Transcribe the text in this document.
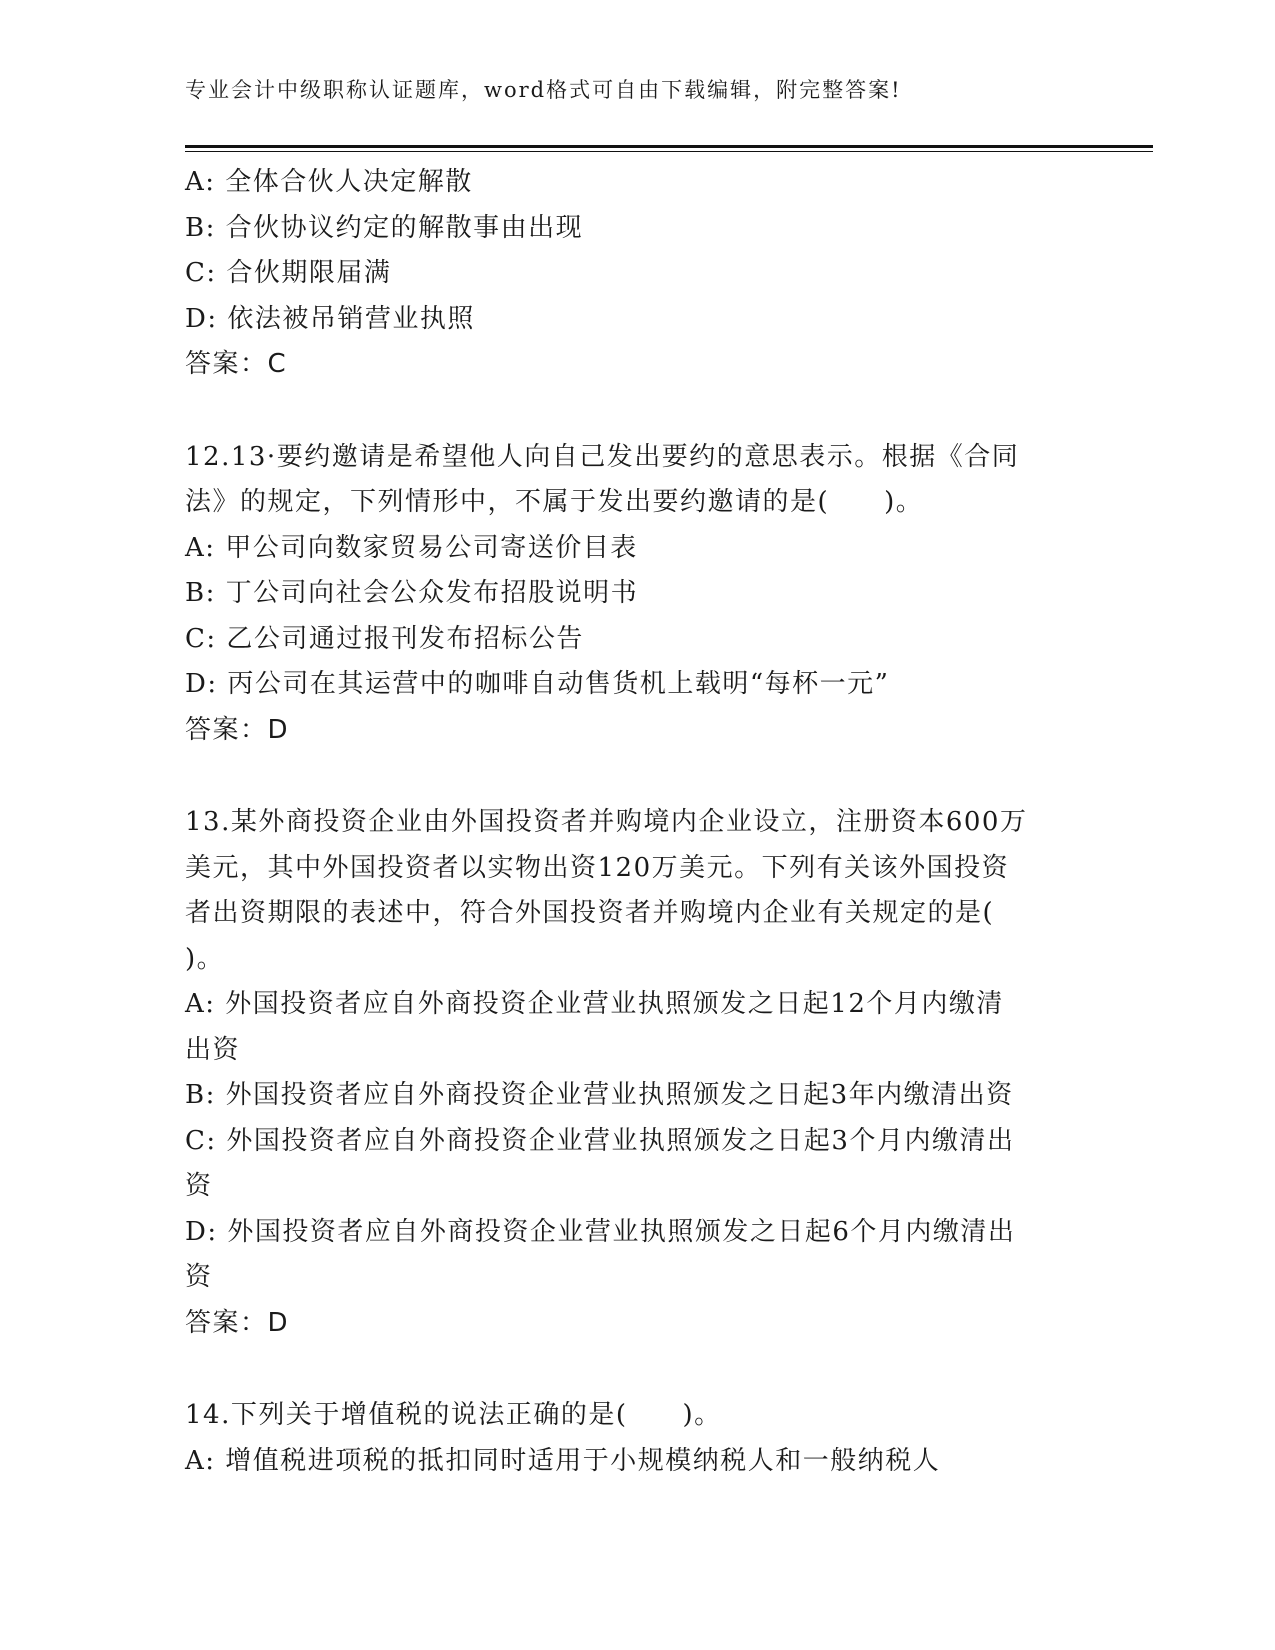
专业会计中级职称认证题库，word格式可自由下载编辑，附完整答案!
A: 全体合伙人决定解散
B: 合伙协议约定的解散事由出现
C: 合伙期限届满
D: 依法被吊销营业执照
答案：C
12.13·要约邀请是希望他人向自己发出要约的意思表示。根据《合同
法》的规定，下列情形中，不属于发出要约邀请的是(　　)。
A: 甲公司向数家贸易公司寄送价目表
B: 丁公司向社会公众发布招股说明书
C: 乙公司通过报刊发布招标公告
D: 丙公司在其运营中的咖啡自动售货机上载明“每杯一元”
答案：D
13.某外商投资企业由外国投资者并购境内企业设立，注册资本600万
美元，其中外国投资者以实物出资120万美元。下列有关该外国投资
者出资期限的表述中，符合外国投资者并购境内企业有关规定的是(
)。
A: 外国投资者应自外商投资企业营业执照颁发之日起12个月内缴清
出资
B: 外国投资者应自外商投资企业营业执照颁发之日起3年内缴清出资
C: 外国投资者应自外商投资企业营业执照颁发之日起3个月内缴清出
资
D: 外国投资者应自外商投资企业营业执照颁发之日起6个月内缴清出
资
答案：D
14.下列关于增值税的说法正确的是(　　)。
A: 增值税进项税的抵扣同时适用于小规模纳税人和一般纳税人
